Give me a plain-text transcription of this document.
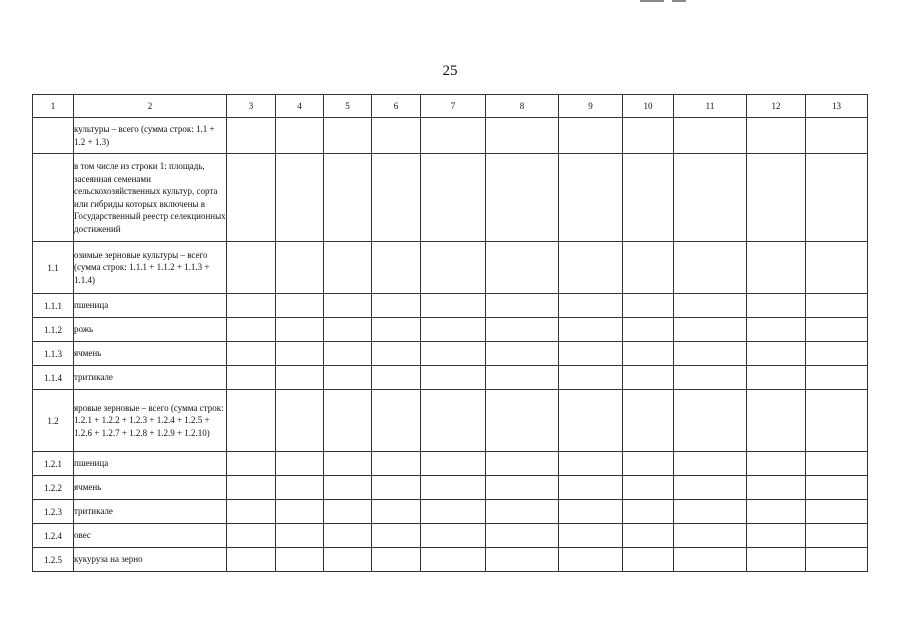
25
1	2	3	4	5	6	7	8	9	10	11	12	13
	культуры – всего (сумма строк: 1.1 + 1.2 + 1.3)											
	в том числе из строки 1: площадь, засеянная семенами сельскохозяйственных культур, сорта или гибриды которых включены в Государственный реестр селекционных достижений											
1.1	озимые зерновые культуры – всего (сумма строк: 1.1.1 + 1.1.2 + 1.1.3 + 1.1.4)											
1.1.1	пшеница											
1.1.2	рожь											
1.1.3	ячмень											
1.1.4	тритикале											
1.2	яровые зерновые – всего (сумма строк: 1.2.1 + 1.2.2 + 1.2.3 + 1.2.4 + 1.2.5 + 1.2.6 + 1.2.7 + 1.2.8 + 1.2.9 + 1.2.10)											
1.2.1	пшеница											
1.2.2	ячмень											
1.2.3	тритикале											
1.2.4	овес											
1.2.5	кукуруза на зерно											
